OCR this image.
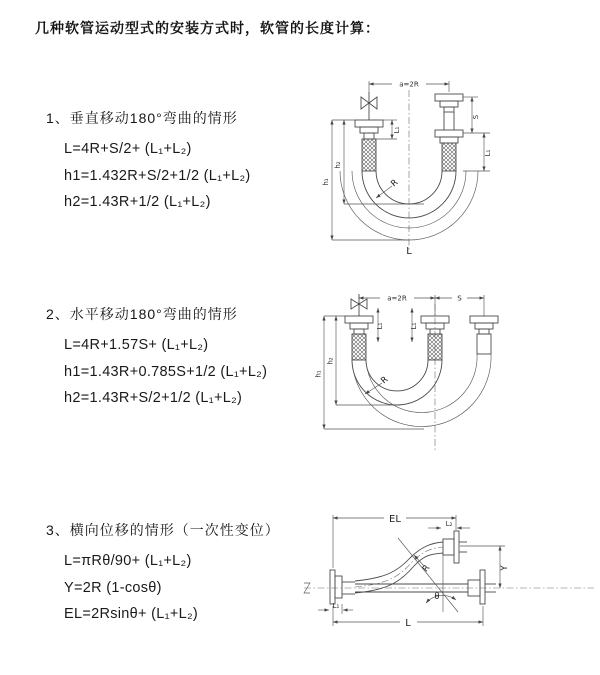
几种软管运动型式的安装方式时，软管的长度计算：
1、垂直移动180°弯曲的情形
L=4R+S/2+ (L₁+L₂)
h1=1.432R+S/2+1/2 (L₁+L₂)
h2=1.43R+1/2 (L₁+L₂)
a=2R
S
L₁
L₁
h₁
h₂
R
L
2、水平移动180°弯曲的情形
L=4R+1.57S+ (L₁+L₂)
h1=1.43R+0.785S+1/2 (L₁+L₂)
h2=1.43R+S/2+1/2 (L₁+L₂)
a=2R	S
L₁	L₁
h₁
h₂
R
3、横向位移的情形（一次性变位）
L=πRθ/90+ (L₁+L₂)
Y=2R (1-cosθ)
EL=2Rsinθ+ (L₁+L₂)
θ
EL	L₂
Y
L
L₁
R
